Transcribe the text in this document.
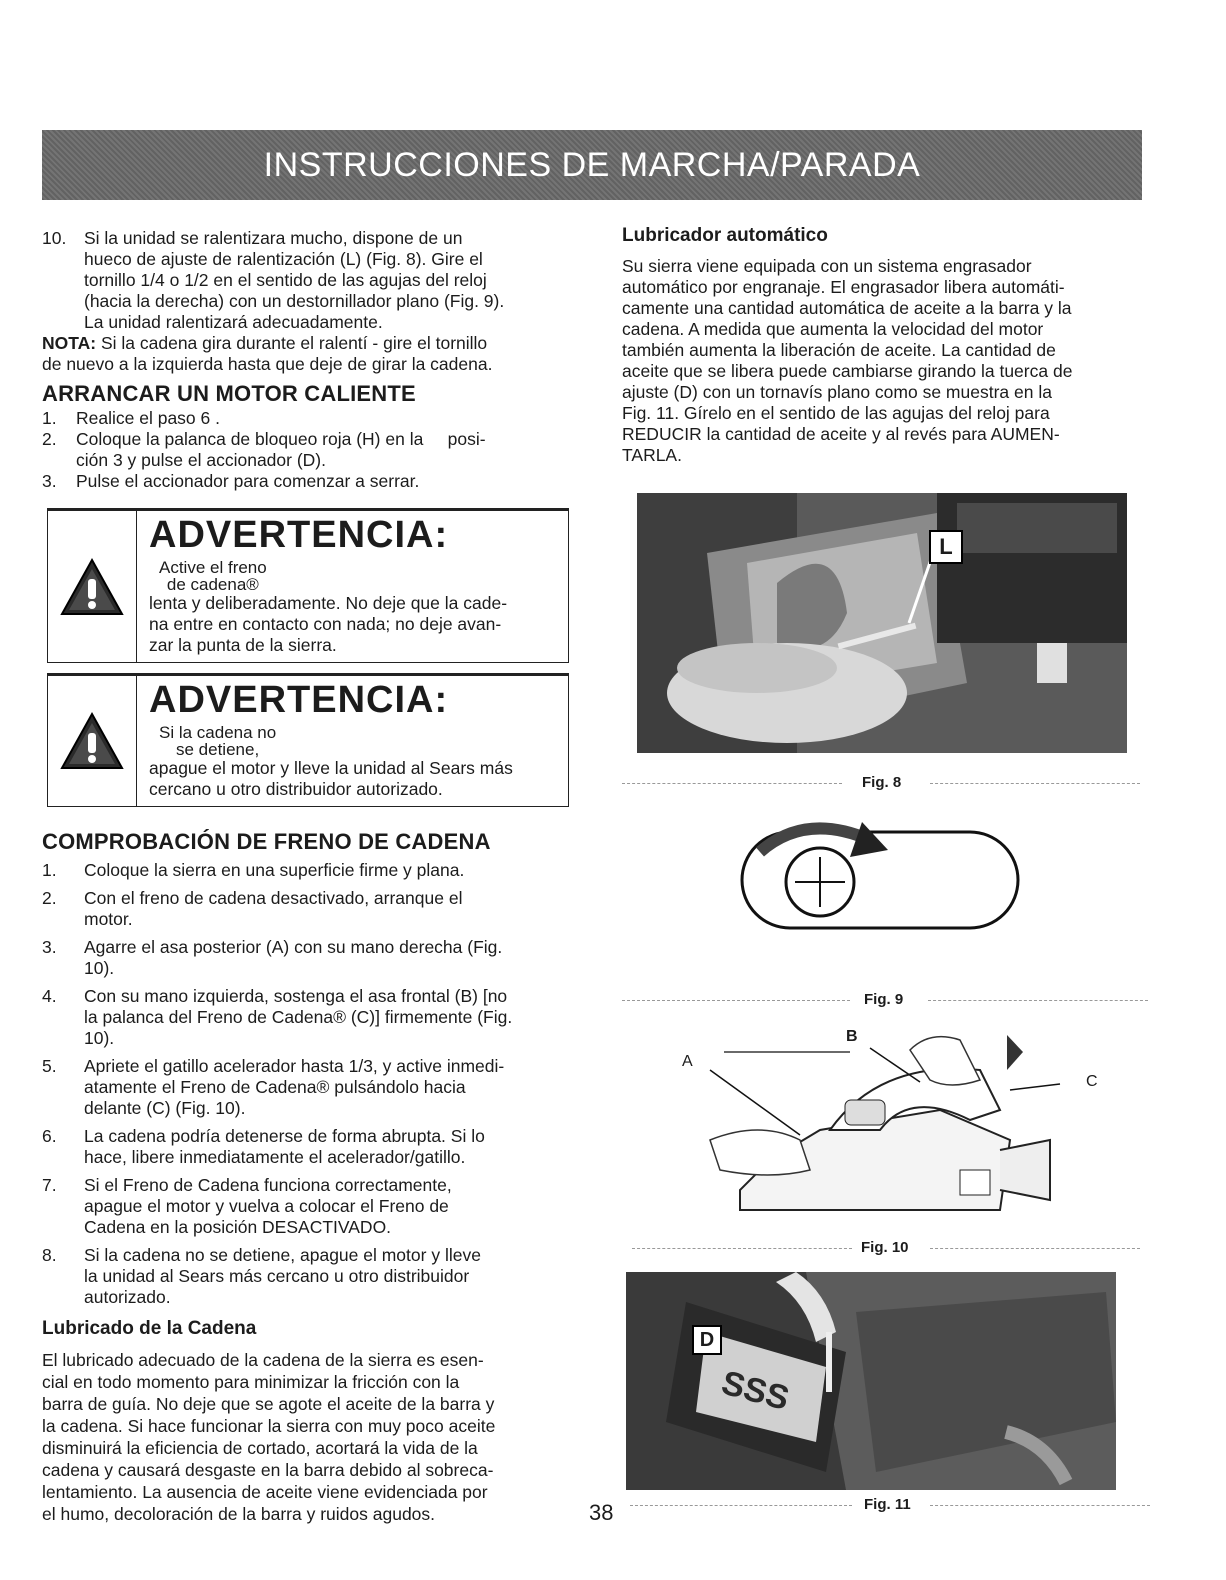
INSTRUCCIONES DE MARCHA/PARADA
10. Si la unidad se ralentizara mucho, dispone de un

hueco de ajuste de ralentización (L) (Fig. 8). Gire el

tornillo 1/4 o 1/2 en el sentido de las agujas del reloj

(hacia la derecha) con un destornillador plano (Fig. 9).

La unidad ralentizará adecuadamente.

NOTA: Si la cadena gira durante el ralentí - gire el tornillo

de nuevo a la izquierda hasta que deje de girar la cadena.

ARRANCAR UN MOTOR CALIENTE
1. Realice el paso 6 .

2. Coloque la palanca de bloqueo roja (H) en la     posi-

ción 3 y pulse el accionador (D).

3. Pulse el accionador para comenzar a serrar.

ADVERTENCIA: Active el freno
de cadena®

lenta y deliberadamente. No deje que la cade-

na entre en contacto con nada; no deje avan-

zar la punta de la sierra.

ADVERTENCIA: Si la cadena no
se detiene,

apague el motor y lleve la unidad al Sears más

cercano u otro distribuidor autorizado.

COMPROBACIÓN DE FRENO DE CADENA
1. Coloque la sierra en una superficie firme y plana.

2. Con el freno de cadena desactivado, arranque el

motor.

3. Agarre el asa posterior (A) con su mano derecha (Fig.

10).

4. Con su mano izquierda, sostenga el asa frontal (B) [no

la palanca del Freno de Cadena® (C)] firmemente (Fig.

10).

5. Apriete el gatillo acelerador hasta 1/3, y active inmedi-

atamente el Freno de Cadena® pulsándolo hacia

delante (C) (Fig. 10).

6. La cadena podría detenerse de forma abrupta. Si lo

hace, libere inmediatamente el acelerador/gatillo.

7. Si el Freno de Cadena funciona correctamente,

apague el motor y vuelva a colocar el Freno de

Cadena en la posición DESACTIVADO.

8. Si la cadena no se detiene, apague el motor y lleve

la unidad al Sears más cercano u otro distribuidor

autorizado.

Lubricado de la Cadena

El lubricado adecuado de la cadena de la sierra es esen-

cial en todo momento para minimizar la fricción con la

barra de guía. No deje que se agote el aceite de la barra y

la cadena. Si hace funcionar la sierra con muy poco aceite

disminuirá la eficiencia de cortado, acortará la vida de la

cadena y causará desgaste en la barra debido al sobreca-

lentamiento. La ausencia de aceite viene evidenciada por

el humo, decoloración de la barra y ruidos agudos.

Lubricador automático

Su sierra viene equipada con un sistema engrasador

automático por engranaje. El engrasador libera automáti-

camente una cantidad automática de aceite a la barra y la

cadena. A medida que aumenta la velocidad del motor

también aumenta la liberación de aceite. La cantidad de

aceite que se libera puede cambiarse girando la tuerca de

ajuste (D) con un tornavís plano como se muestra en la

Fig. 11. Gírelo en el sentido de las agujas del reloj para

REDUCIR la cantidad de aceite y al revés para AUMEN-

TARLA.

L
Fig. 8
Fig. 9
A
B
C
Fig. 10
SSS
D
Fig. 11
38
